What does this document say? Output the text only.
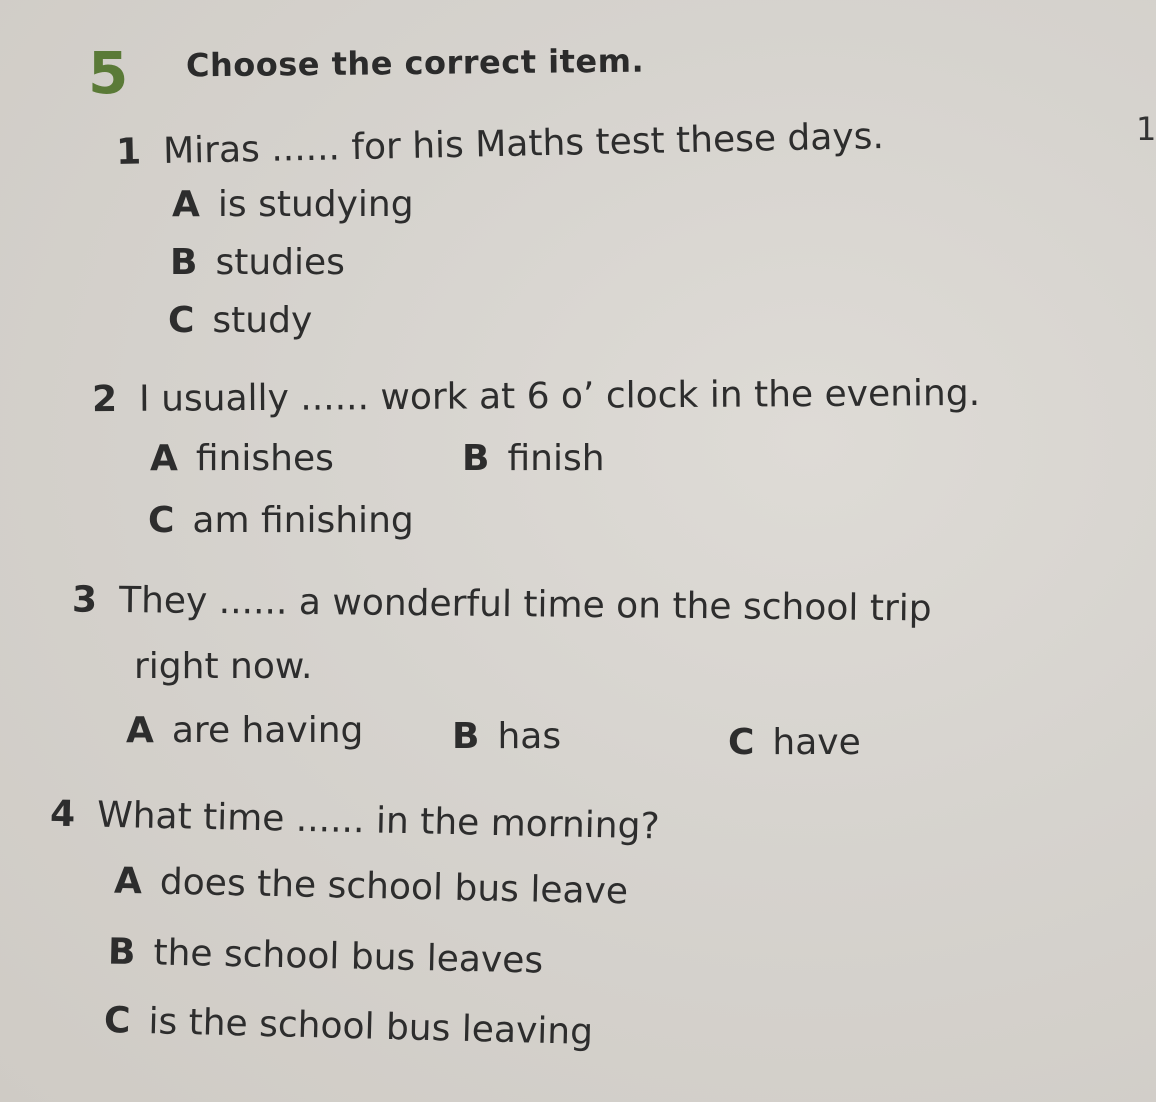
5 Choose the correct item.
1
1 Miras ...... for his Maths test these days.
A is studying
B studies
C study
2 I usually ...... work at 6 o’ clock in the evening.
A finishes	B finish
C am finishing
3 They ...... a wonderful time on the school trip
right now.
A are having B has	C have
4 What time ...... in the morning?
A does the school bus leave
B the school bus leaves
C is the school bus leaving
